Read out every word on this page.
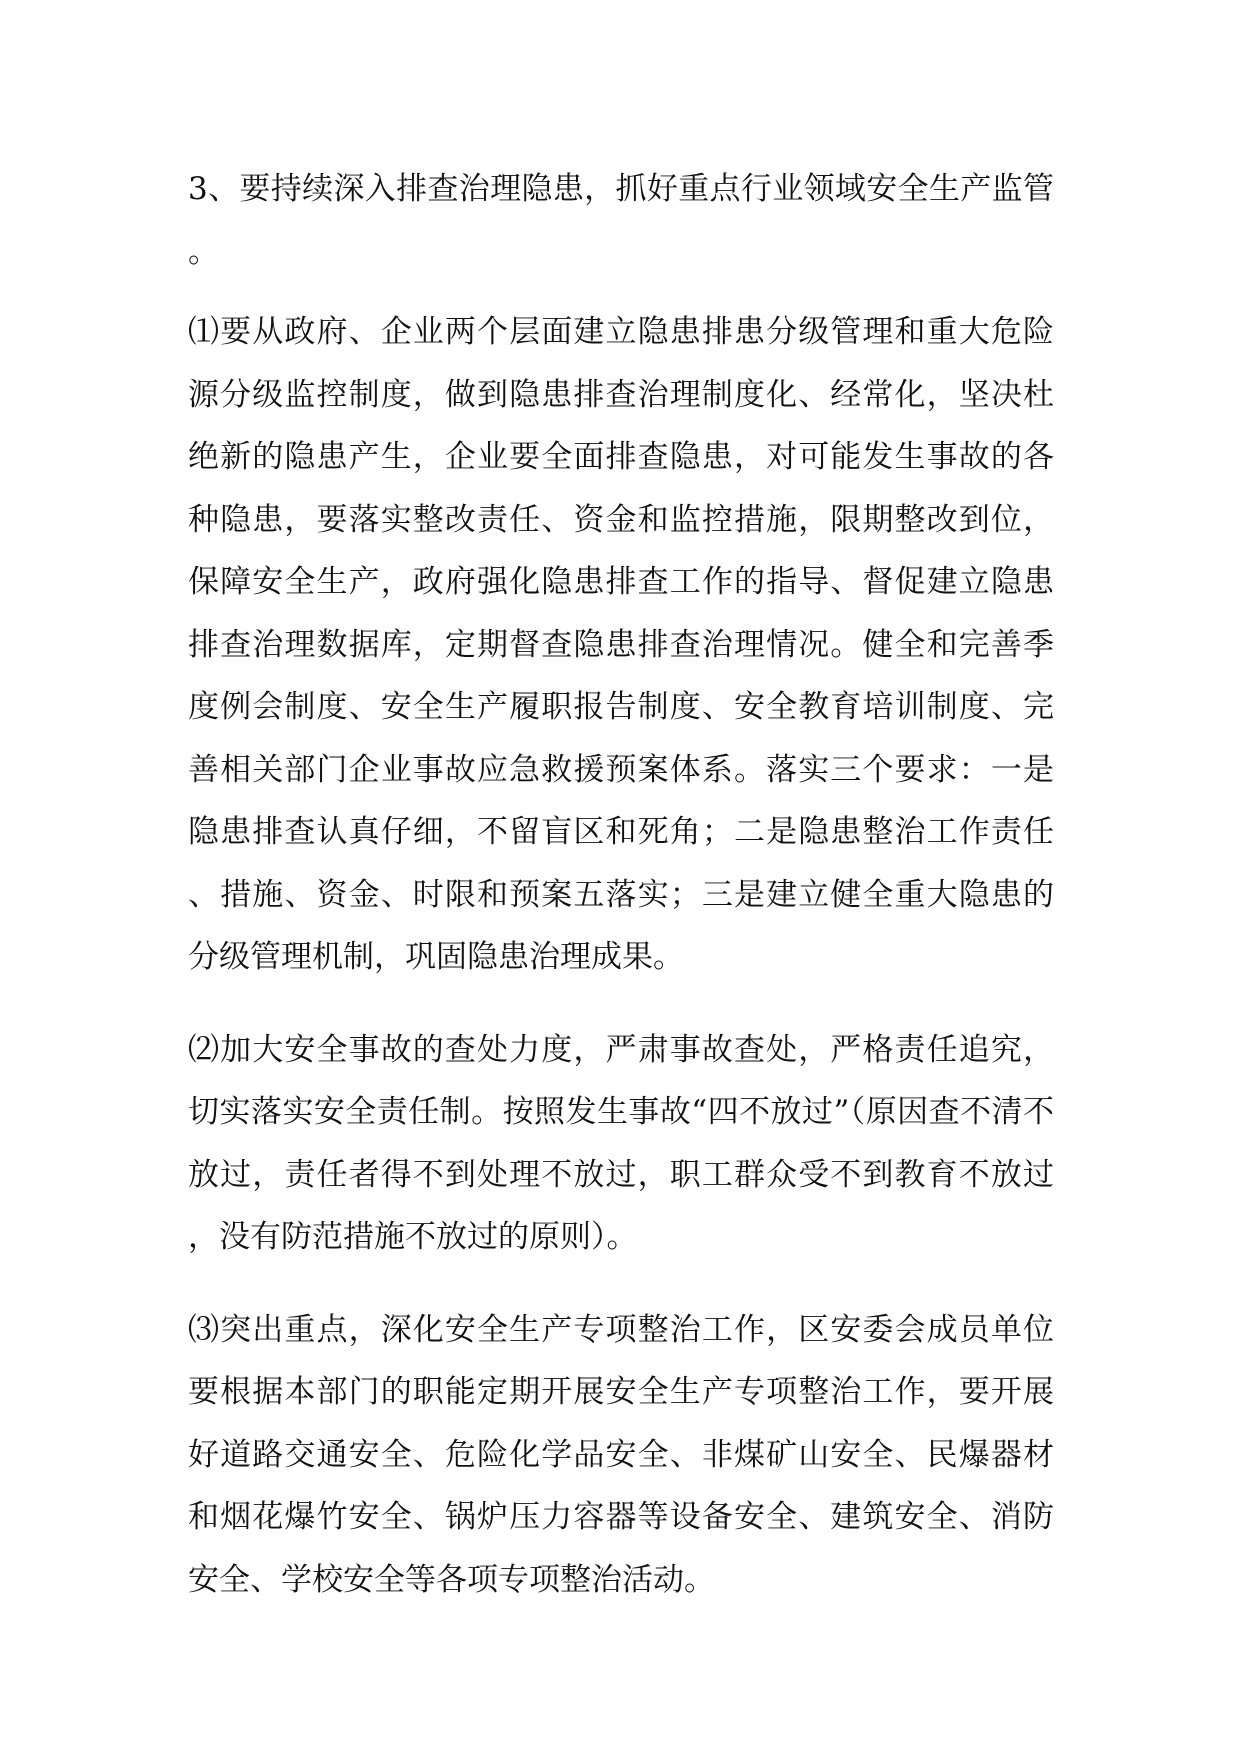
3、要持续深入排查治理隐患，抓好重点行业领域安全生产监管。

⑴要从政府、企业两个层面建立隐患排患分级管理和重大危险源分级监控制度，做到隐患排查治理制度化、经常化，坚决杜绝新的隐患产生，企业要全面排查隐患，对可能发生事故的各种隐患，要落实整改责任、资金和监控措施，限期整改到位，保障安全生产，政府强化隐患排查工作的指导、督促建立隐患排查治理数据库，定期督查隐患排查治理情况。健全和完善季度例会制度、安全生产履职报告制度、安全教育培训制度、完善相关部门企业事故应急救援预案体系。落实三个要求：一是隐患排查认真仔细，不留盲区和死角；二是隐患整治工作责任、措施、资金、时限和预案五落实；三是建立健全重大隐患的分级管理机制，巩固隐患治理成果。

⑵加大安全事故的查处力度，严肃事故查处，严格责任追究，切实落实安全责任制。按照发生事故“四不放过”（原因查不清不放过，责任者得不到处理不放过，职工群众受不到教育不放过，没有防范措施不放过的原则）。

⑶突出重点，深化安全生产专项整治工作，区安委会成员单位要根据本部门的职能定期开展安全生产专项整治工作，要开展好道路交通安全、危险化学品安全、非煤矿山安全、民爆器材和烟花爆竹安全、锅炉压力容器等设备安全、建筑安全、消防安全、学校安全等各项专项整治活动。
